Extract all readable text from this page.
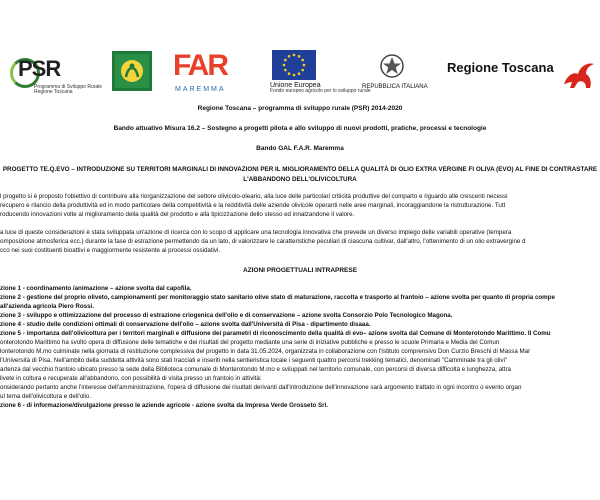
PSR
Programma di Sviluppo Rurale
Regione Toscana
FAR
MAREMMA
Unione Europea
Fondo europeo agricolo per lo sviluppo rurale
REPUBBLICA ITALIANA
Regione Toscana
Regione Toscana – programma di sviluppo rurale (PSR) 2014-2020
Bando attuativo Misura 16.2 – Sostegno a progetti pilota e allo sviluppo di nuovi prodotti, pratiche, processi e tecnologie
Bando GAL F.A.R. Maremma
PROGETTO TE.Q.EVO – INTRODUZIONE SU TERRITORI MARGINALI DI INNOVAZIONI PER IL MIGLIORAMENTO DELLA QUALITÀ DI OLIO EXTRA VERGINE FI OLIVA (EVO) AL FINE DI CONTRASTARE
L'ABBANDONO DELL'OLIVICOLTURA
l progetto si è proposto l'obiettivo di contribuire alla riorganizzazione del settore olivicolo-oleario, alla luce delle particolari criticità produttive del comparto e riguardo alle crescenti necessi
recupero e rilancio della produttività ed in modo particolare della competitività e la redditività delle aziende olivicole operanti nelle aree marginali, incoraggiandone la ristrutturazione. Tutt
roducendo innovazioni volte al miglioramento della qualità del prodotto e alla tipicizzazione dello stesso ed innalzandone il valore.
a luce di queste considerazioni è stata sviluppata un'azione di ricerca con lo scopo di applicare una tecnologia innovativa che prevede un diverso impiego delle variabili operative (tempera
omposizione atmosferica ecc.) durante la fase di estrazione permettendo da un lato, di valorizzare le caratteristiche peculiari di ciascuna cultivar, dall'altro, l'ottenimento di un olio extravergine d
cco nei suoi costituenti bioattivi e maggiormente resistente ai processi ossidativi.
AZIONI PROGETTUALI INTRAPRESE
zione 1 - coordinamento /animazione – azione svolta dal capofila.
zione 2 - gestione del proprio oliveto, campionamenti per monitoraggio stato sanitario olive stato di maturazione, raccolta e trasporto al frantoio – azione svolta per quanto di propria compe
all'azienda agricola Piero Rossi.
zione 3 - sviluppo e ottimizzazione del processo di estrazione criogenica dell'olio e di conservazione – azione svolta Consorzio Polo Tecnologico Magona.
zione 4 - studio delle condizioni ottimali di conservazione dell'olio – azione svolta dall'Università di Pisa - dipartimento disaaa.
zione 5 - importanza dell'olivicoltura per i territori marginali e diffusione dei parametri di riconoscimento della qualità di evo– azione svolta dal Comune di Monterotondo Marittimo. Il Comu
onterotondo Marittimo ha svolto opera di diffusione delle tematiche e dei risultati del progetto mediante una serie di iniziative pubbliche e presso le scuole Primaria e Media del Comun
lonterotondo M.mo culminate nella giornata di restituzione complessiva del progetto in data 31.05.2024, organizzata in collaborazione con l'Istituto comprensivo Don Curzio Breschi di Massa Mar
l'Università di Pisa. Nell'ambito della suddetta attività sono stati tracciati e inseriti nella sentieristica locale i seguenti quattro percorsi trekking tematici, denominati "Camminate tra gli olivi"
artenza dal vecchio frantoio ubicato presso la sede della Biblioteca comunale di Monterotondo M.mo e sviluppati nel territorio comunale, con percorsi di diversa difficoltà e lunghezza, attra
livete in coltura e recuperate all'abbandono, con possibilità di visita presso un frantoio in attività:
onsiderando pertanto anche l'interesse dell'amministrazione, l'opera di diffusione dei risultati derivanti dall'introduzione dell'innovazione sarà argomento trattato in ogni incontro o evento organ
ul tema dell'olivicoltura e dell'olio.
zione 6 - di informazione/divulgazione presso le aziende agricole - azione svolta da Impresa Verde Grosseto Srl.
